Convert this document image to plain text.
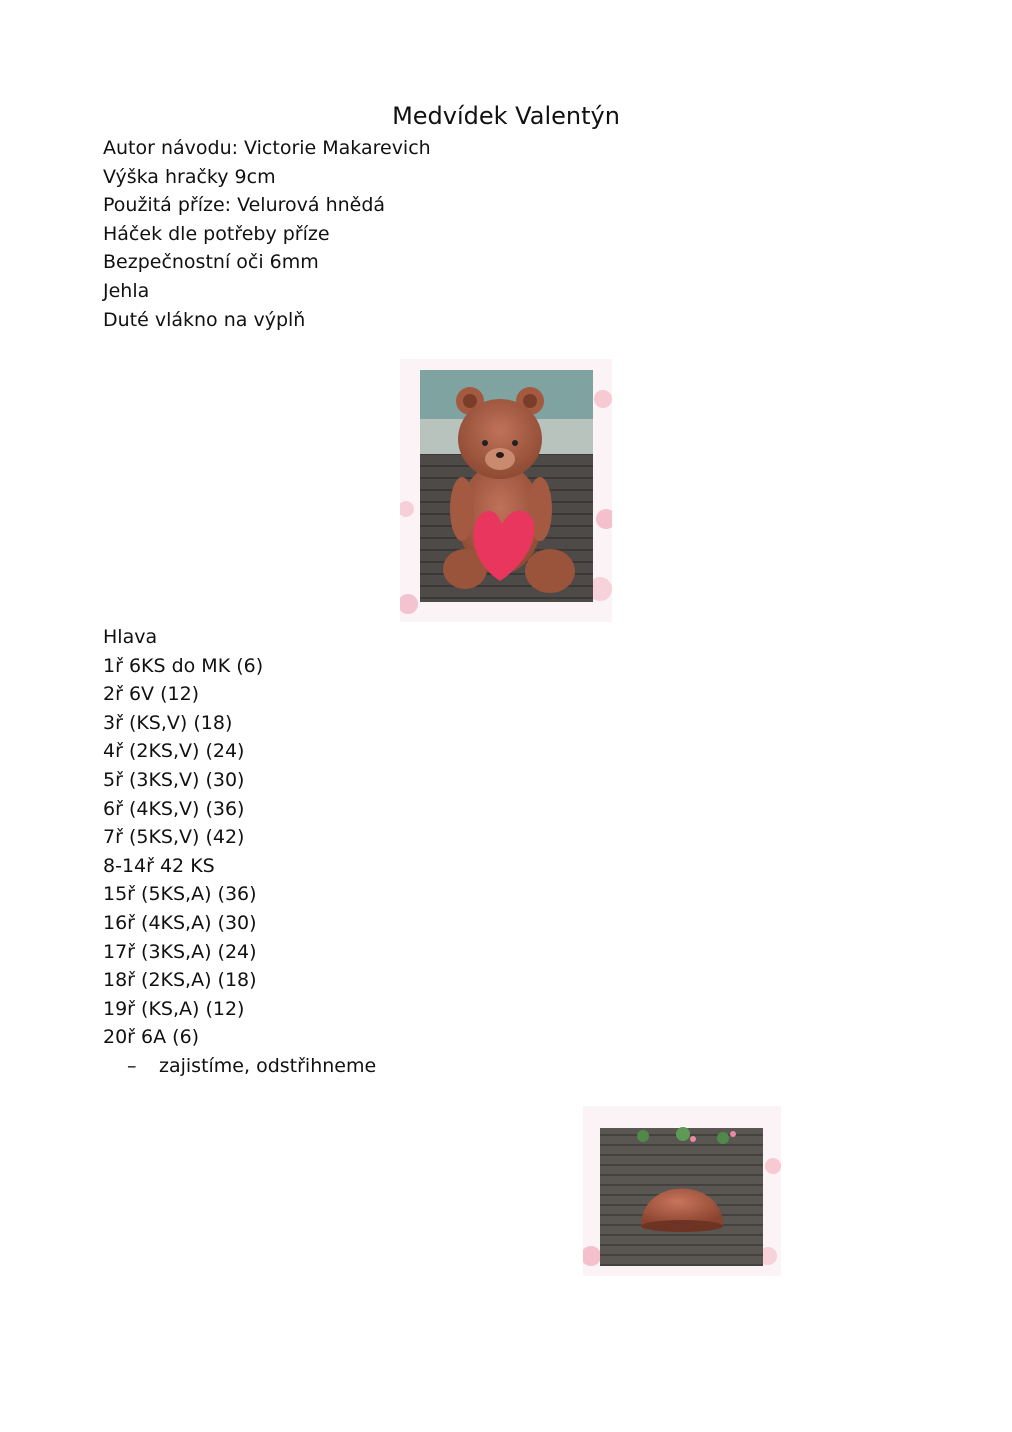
Medvídek Valentýn
Autor návodu: Victorie Makarevich
Výška hračky 9cm
Použitá příze: Velurová hnědá
Háček dle potřeby příze
Bezpečnostní oči 6mm
Jehla
Duté vlákno na výplň
Hlava
1ř 6KS do MK (6)
2ř 6V (12)
3ř (KS,V) (18)
4ř (2KS,V) (24)
5ř (3KS,V) (30)
6ř (4KS,V) (36)
7ř (5KS,V) (42)
8-14ř 42 KS
15ř (5KS,A) (36)
16ř (4KS,A) (30)
17ř (3KS,A) (24)
18ř (2KS,A) (18)
19ř (KS,A) (12)
20ř 6A (6)
–	zajistíme, odstřihneme
